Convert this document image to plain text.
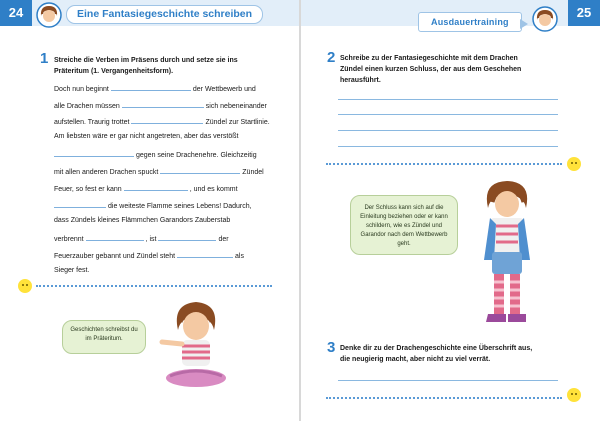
24	25
Eine Fantasiegeschichte schreiben
Ausdauertraining
1 Streiche die Verben im Präsens durch und setze sie ins
Präteritum (1. Vergangenheitsform).
Doch nun beginnt	der Wettbewerb und
alle Drachen müssen	sich nebeneinander
aufstellen. Traurig trottet	Zündel zur Startlinie.
Am liebsten wäre er gar nicht angetreten, aber das verstößt
gegen seine Drachenehre. Gleichzeitig
mit allen anderen Drachen spuckt	Zündel
Feuer, so fest er kann	, und es kommt
die weiteste Flamme seines Lebens! Dadurch,
dass Zündels kleines Flämmchen Garandors Zauberstab
verbrennt	, ist	der
Feuerzauber gebannt und Zündel steht	als
Sieger fest.
Geschichten schreibst du im Präteritum.
2 Schreibe zu der Fantasiegeschichte mit dem Drachen
Zündel einen kurzen Schluss, der aus dem Geschehen
herausführt.
Der Schluss kann sich auf die Einleitung beziehen oder er kann schildern, wie es Zündel und Garandor nach dem Wettbewerb geht.
3 Denke dir zu der Drachengeschichte eine Überschrift aus,
die neugierig macht, aber nicht zu viel verrät.
